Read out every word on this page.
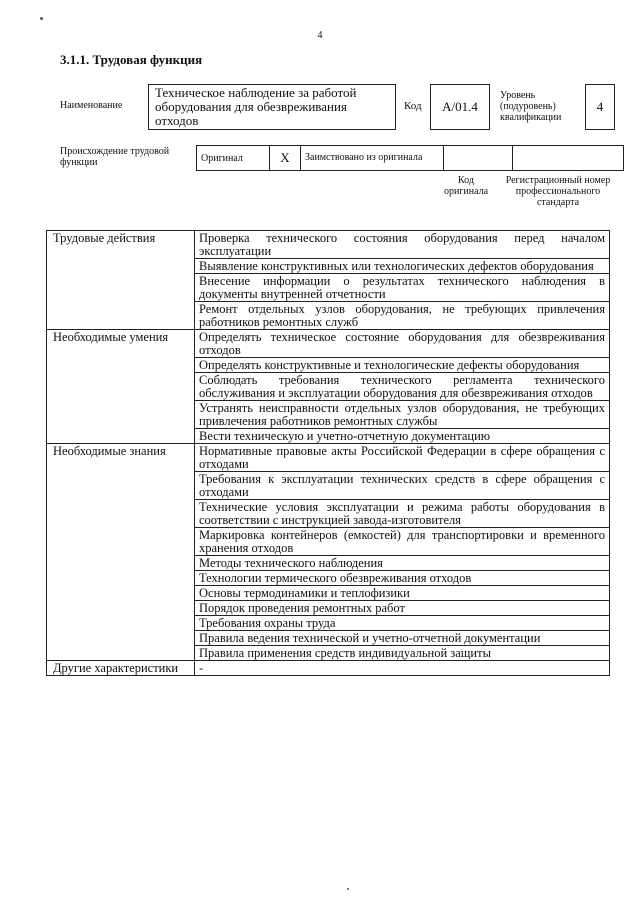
4
3.1.1. Трудовая функция
Наименование
Техническое наблюдение за работой оборудования для обезвреживания отходов
Код	А/01.4
Уровень (подуровень) квалификации
4
Происхождение трудовой функции	Оригинал	X	Заимствовано из оригинала		
Код оригинала
Регистрационный номер профессионального стандарта
Трудовые действия	Проверка технического состояния оборудования перед началом эксплуатации
	Выявление конструктивных или технологических дефектов оборудования
	Внесение информации о результатах технического наблюдения в документы внутренней отчетности
	Ремонт отдельных узлов оборудования, не требующих привлечения работников ремонтных служб
Необходимые умения	Определять техническое состояние оборудования для обезвреживания отходов
	Определять конструктивные и технологические дефекты оборудования
	Соблюдать требования технического регламента технического обслуживания и эксплуатации оборудования для обезвреживания отходов
	Устранять неисправности отдельных узлов оборудования, не требующих привлечения работников ремонтных службы
	Вести техническую и учетно-отчетную документацию
Необходимые знания	Нормативные правовые акты Российской Федерации в сфере обращения с отходами
	Требования к эксплуатации технических средств в сфере обращения с отходами
	Технические условия эксплуатации и режима работы оборудования в соответствии с инструкцией завода-изготовителя
	Маркировка контейнеров (емкостей) для транспортировки и временного хранения отходов
	Методы технического наблюдения
	Технологии термического обезвреживания отходов
	Основы термодинамики и теплофизики
	Порядок проведения ремонтных работ
	Требования охраны труда
	Правила ведения технической и учетно-отчетной документации
	Правила применения средств индивидуальной защиты
Другие характеристики	-
